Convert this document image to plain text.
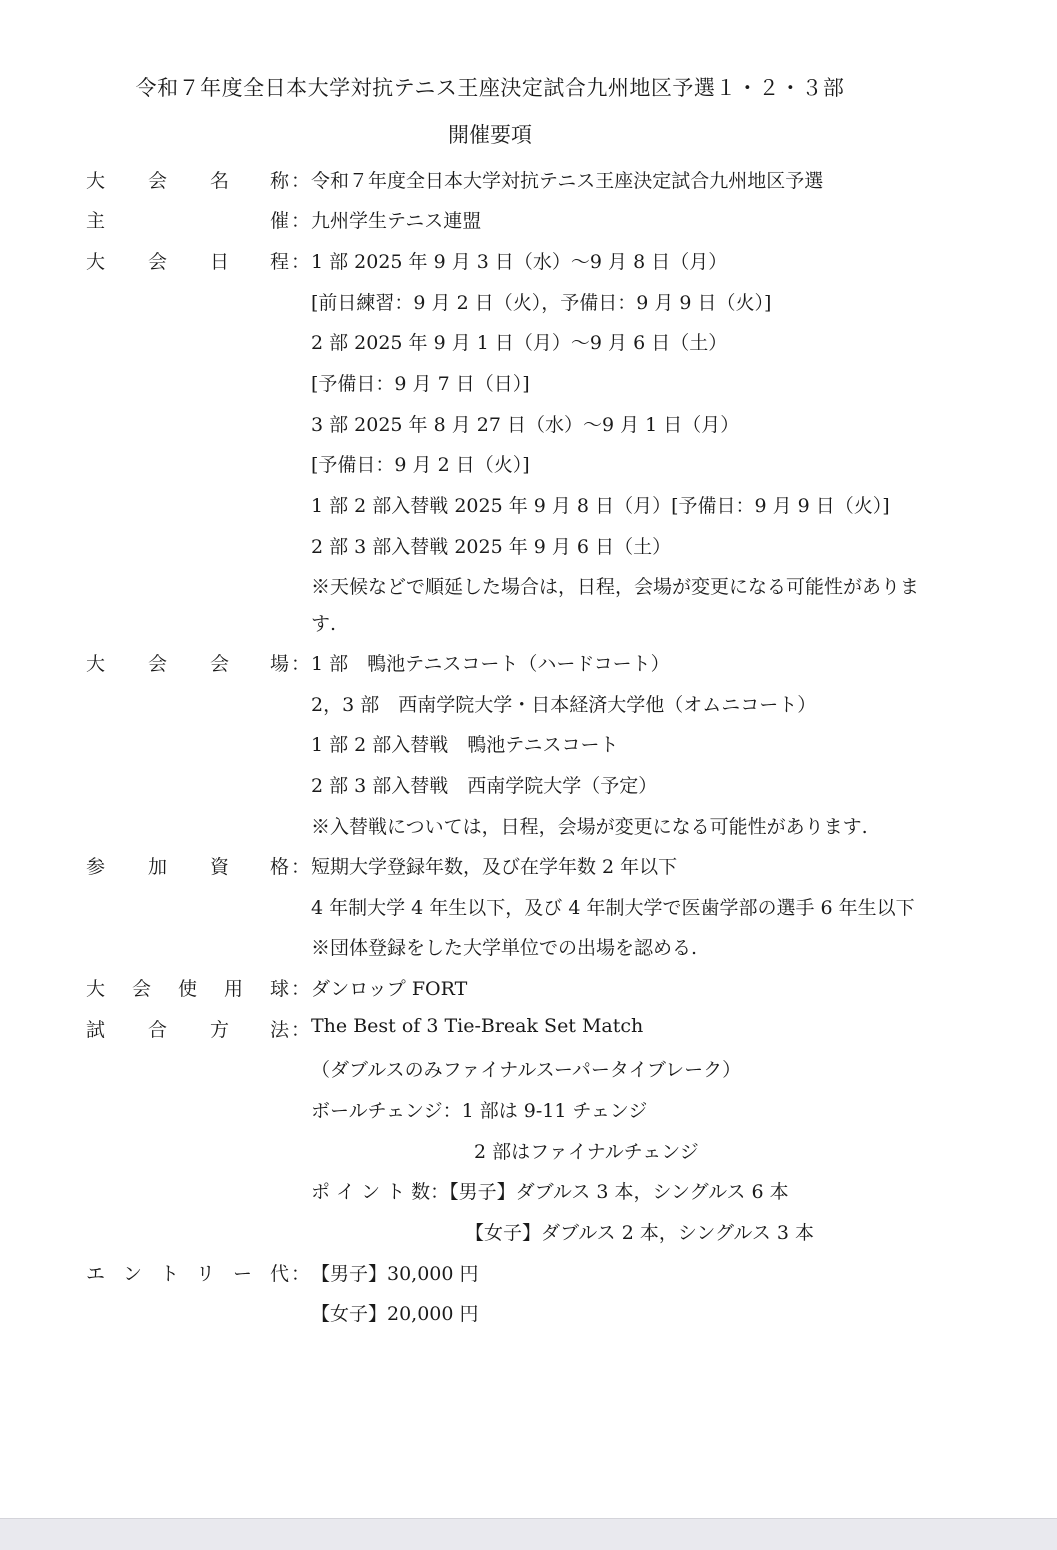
令和７年度全日本大学対抗テニス王座決定試合九州地区予選１・２・３部
開催要項
大 会 名 称 ： 令和７年度全日本大学対抗テニス王座決定試合九州地区予選
主	催 ： 九州学生テニス連盟
大 会 日 程 ： 1 部 2025 年 9 月 3 日（水）〜9 月 8 日（月）
[前日練習：9 月 2 日（火），予備日：9 月 9 日（火）]
2 部 2025 年 9 月 1 日（月）〜9 月 6 日（土）
[予備日：9 月 7 日（日）]
3 部 2025 年 8 月 27 日（水）〜9 月 1 日（月）
[予備日：9 月 2 日（火）]
1 部 2 部入替戦 2025 年 9 月 8 日（月）[予備日：9 月 9 日（火）]
2 部 3 部入替戦 2025 年 9 月 6 日（土）
※天候などで順延した場合は，日程，会場が変更になる可能性がありま
す.
大 会 会 場 ： 1 部　鴨池テニスコート（ハードコート）
2，3 部　西南学院大学・日本経済大学他（オムニコート）
1 部 2 部入替戦　鴨池テニスコート
2 部 3 部入替戦　西南学院大学（予定）
※入替戦については，日程，会場が変更になる可能性があります.
参 加 資 格 ： 短期大学登録年数，及び在学年数 2 年以下
4 年制大学 4 年生以下，及び 4 年制大学で医歯学部の選手 6 年生以下
※団体登録をした大学単位での出場を認める.
大 会 使 用 球 ： ダンロップ FORT
試 合 方 法 ： The Best of 3 Tie-Break Set Match
（ダブルスのみファイナルスーパータイブレーク）
ボールチェンジ：1 部は 9-11 チェンジ
2 部はファイナルチェンジ
ポ イ ン ト 数：【男子】ダブルス 3 本，シングルス 6 本
【女子】ダブルス 2 本，シングルス 3 本
エ ン ト リ ー 代 ： 【男子】30,000 円
【女子】20,000 円
